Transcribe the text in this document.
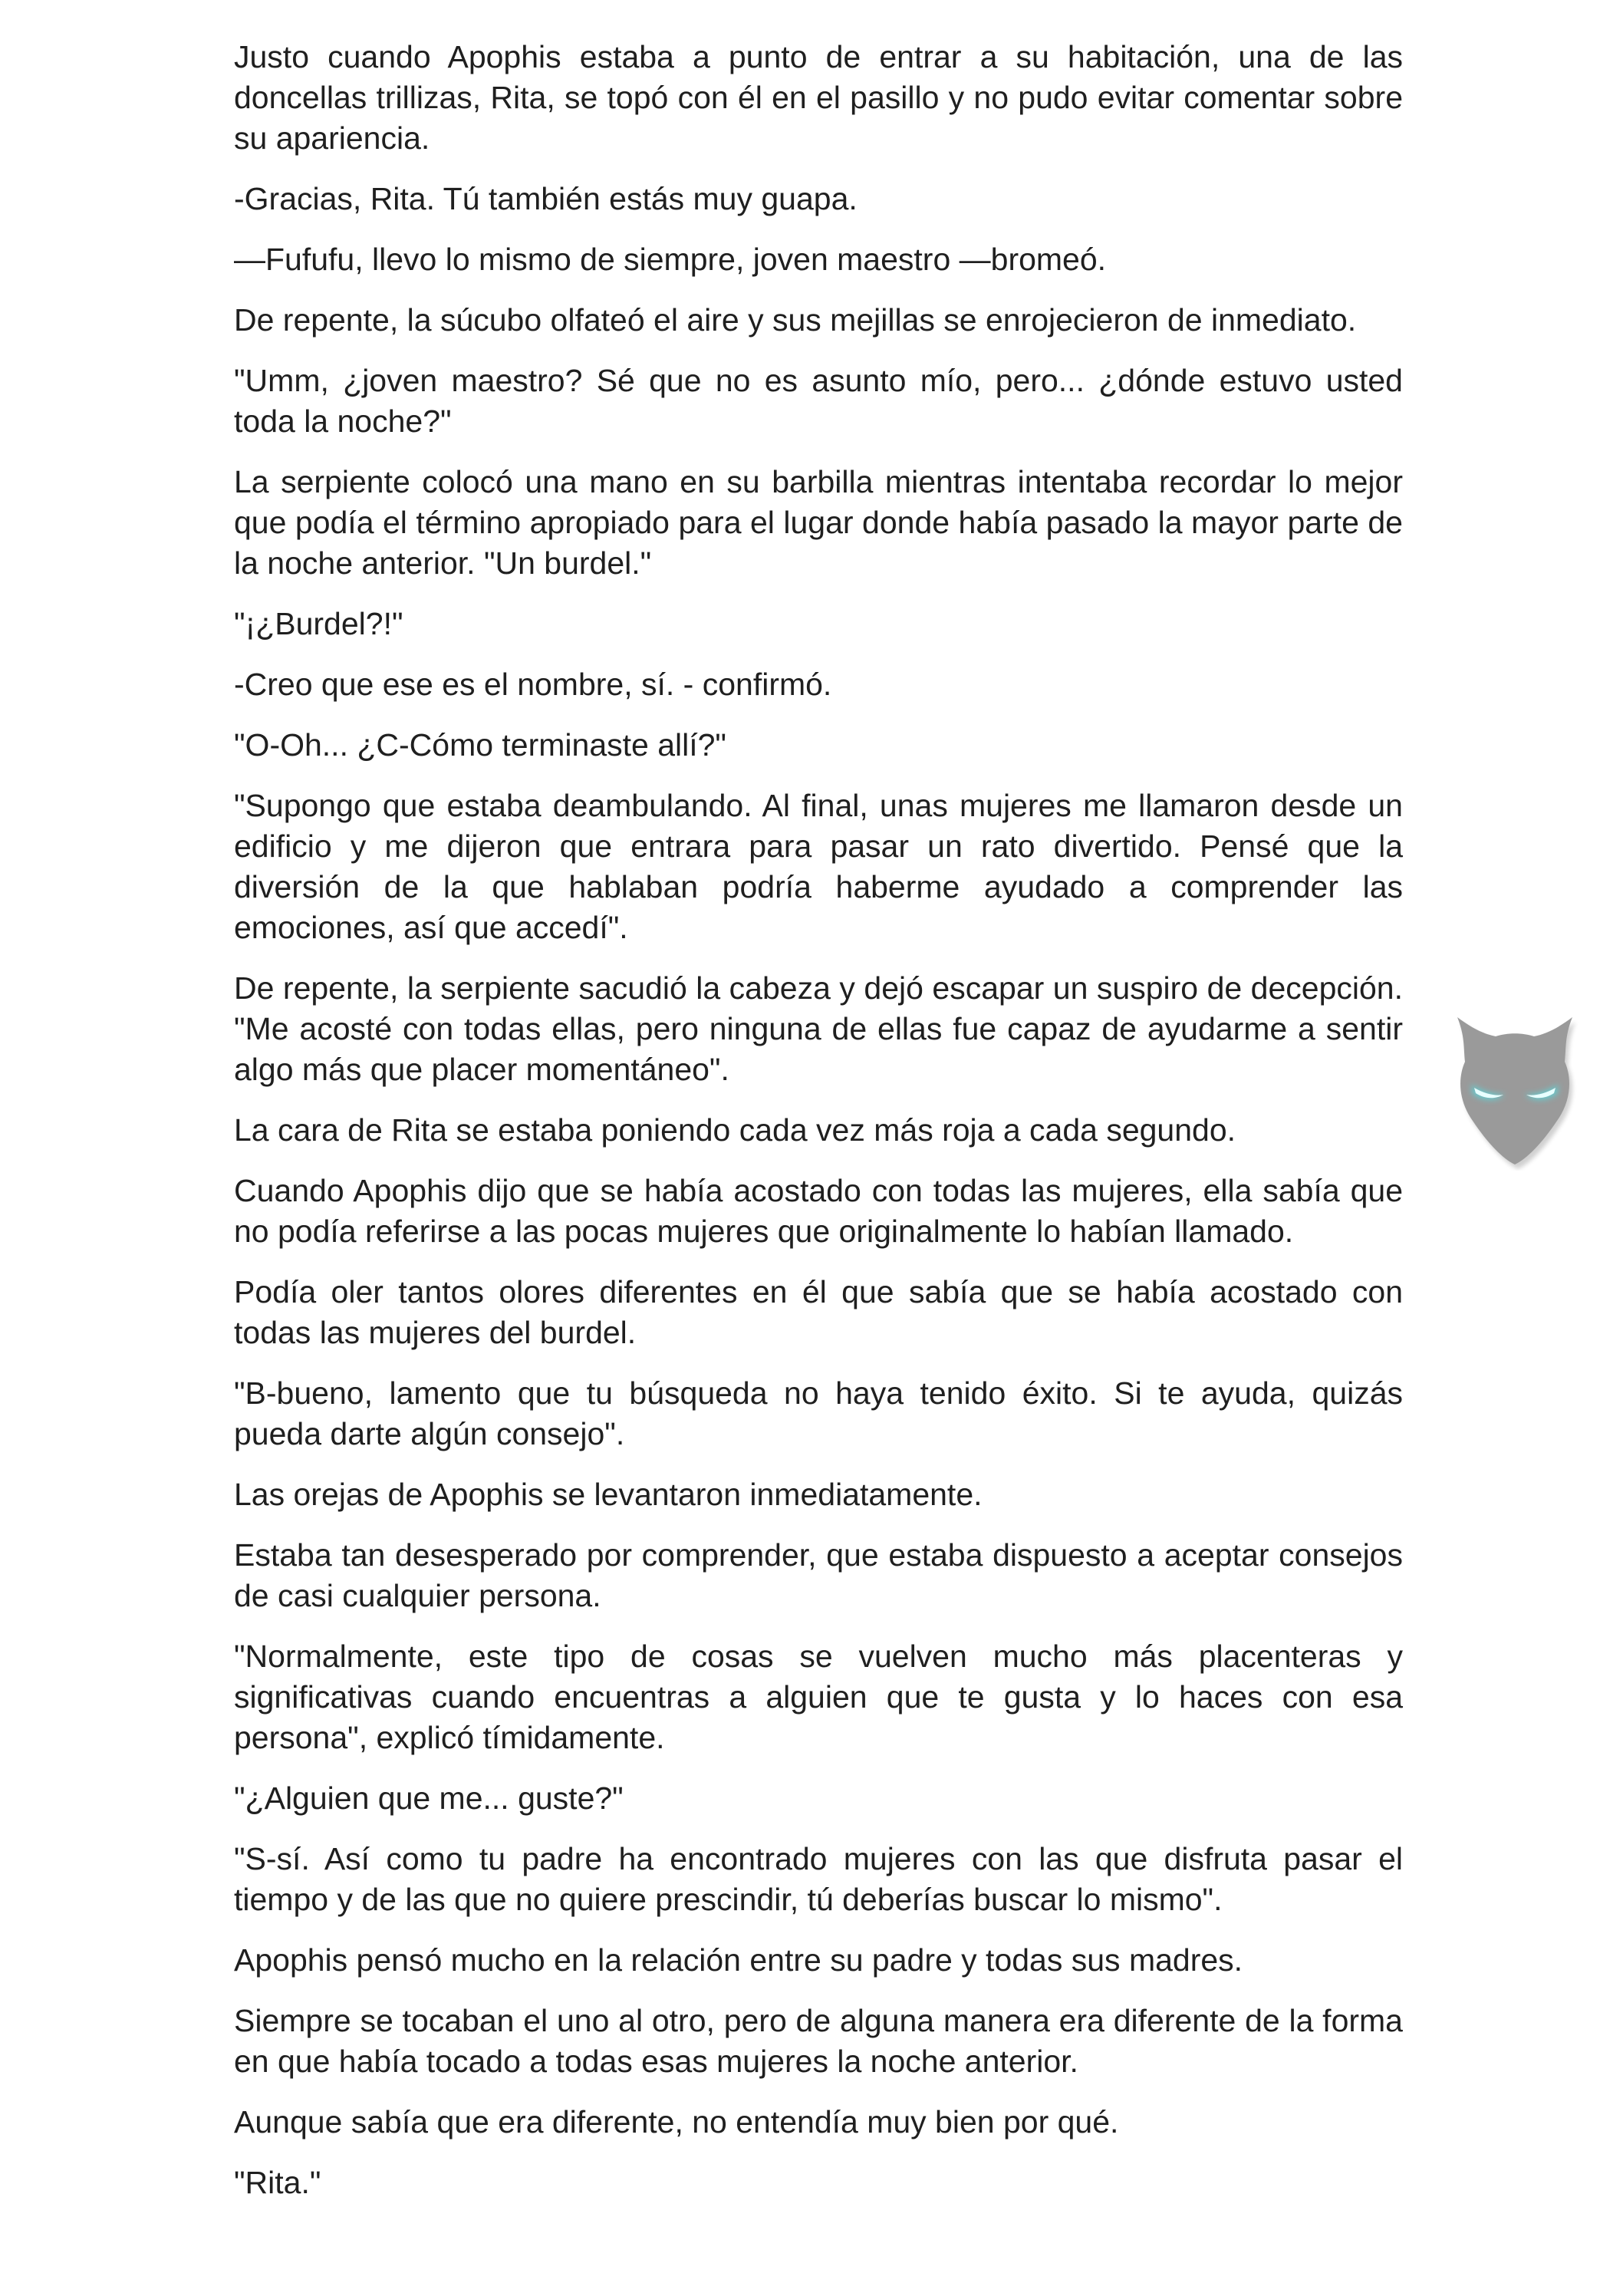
Justo cuando Apophis estaba a punto de entrar a su habitación, una de las doncellas trillizas, Rita, se topó con él en el pasillo y no pudo evitar comentar sobre su apariencia.

-Gracias, Rita. Tú también estás muy guapa.

—Fufufu, llevo lo mismo de siempre, joven maestro —bromeó.

De repente, la súcubo olfateó el aire y sus mejillas se enrojecieron de inmediato.

"Umm, ¿joven maestro? Sé que no es asunto mío, pero... ¿dónde estuvo usted toda la noche?"

La serpiente colocó una mano en su barbilla mientras intentaba recordar lo mejor que podía el término apropiado para el lugar donde había pasado la mayor parte de la noche anterior. "Un burdel."

"¡¿Burdel?!"

-Creo que ese es el nombre, sí. - confirmó.

"O-Oh... ¿C-Cómo terminaste allí?"

"Supongo que estaba deambulando. Al final, unas mujeres me llamaron desde un edificio y me dijeron que entrara para pasar un rato divertido. Pensé que la diversión de la que hablaban podría haberme ayudado a comprender las emociones, así que accedí".

De repente, la serpiente sacudió la cabeza y dejó escapar un suspiro de decepción. "Me acosté con todas ellas, pero ninguna de ellas fue capaz de ayudarme a sentir algo más que placer momentáneo".

La cara de Rita se estaba poniendo cada vez más roja a cada segundo.

Cuando Apophis dijo que se había acostado con todas las mujeres, ella sabía que no podía referirse a las pocas mujeres que originalmente lo habían llamado.

Podía oler tantos olores diferentes en él que sabía que se había acostado con todas las mujeres del burdel.

"B-bueno, lamento que tu búsqueda no haya tenido éxito. Si te ayuda, quizás pueda darte algún consejo".

Las orejas de Apophis se levantaron inmediatamente.

Estaba tan desesperado por comprender, que estaba dispuesto a aceptar consejos de casi cualquier persona.

"Normalmente, este tipo de cosas se vuelven mucho más placenteras y significativas cuando encuentras a alguien que te gusta y lo haces con esa persona", explicó tímidamente.

"¿Alguien que me... guste?"

"S-sí. Así como tu padre ha encontrado mujeres con las que disfruta pasar el tiempo y de las que no quiere prescindir, tú deberías buscar lo mismo".

Apophis pensó mucho en la relación entre su padre y todas sus madres.

Siempre se tocaban el uno al otro, pero de alguna manera era diferente de la forma en que había tocado a todas esas mujeres la noche anterior.

Aunque sabía que era diferente, no entendía muy bien por qué.

"Rita."
